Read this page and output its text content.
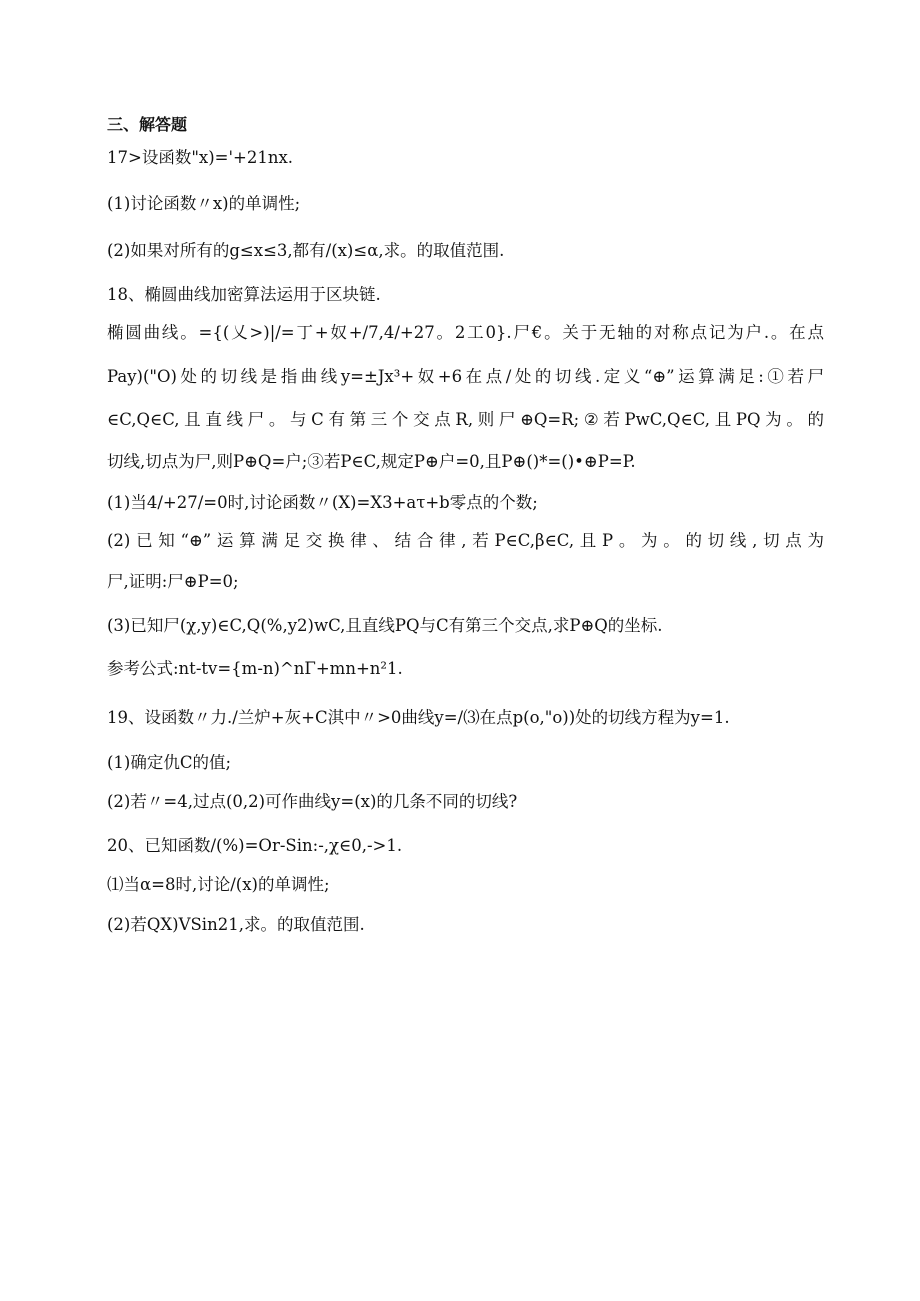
三、解答题
17>设函数"x)='+21nx.
(1)讨论函数〃x)的单调性;
(2)如果对所有的g≤x≤3,都有/(x)≤α,求。的取值范围.
18、椭圆曲线加密算法运用于区块链.
椭圆曲线。={(乂>)|/=丁+奴+/7,4/+27。2工0}.尸€。关于无轴的对称点记为户.。在点
Pay)("O)处的切线是指曲线y=±Jx³+奴+6在点/处的切线.定义“⊕”运算满足:①若尸
∈C,Q∈C,且直线尸。与C有第三个交点R,则尸⊕Q=R;②若PwC,Q∈C,且PQ为。的
切线,切点为尸,则P⊕Q=户;③若P∈C,规定P⊕户=0,且P⊕()*=()•⊕P=P.
(1)当4/+27/=0时,讨论函数〃(X)=X3+aτ+b零点的个数;
(2)已知“⊕”运算满足交换律、结合律,若P∈C,β∈C,且P。为。的切线,切点为
尸,证明:尸⊕P=0;
(3)已知尸(χ,y)∈C,Q(%,y2)wC,且直线PQ与C有第三个交点,求P⊕Q的坐标.
参考公式:nt-tv={m-n)^nΓ+mn+n²1.
19、设函数〃力./兰炉+灰+C淇中〃>0曲线y=/⑶在点p(o,"o))处的切线方程为y=1.
(1)确定仇C的值;
(2)若〃=4,过点(0,2)可作曲线y=(x)的几条不同的切线?
20、已知函数/(%)=Or-Sin:-,χ∈0,->1.
⑴当α=8时,讨论/(x)的单调性;
(2)若QX)VSin21,求。的取值范围.
